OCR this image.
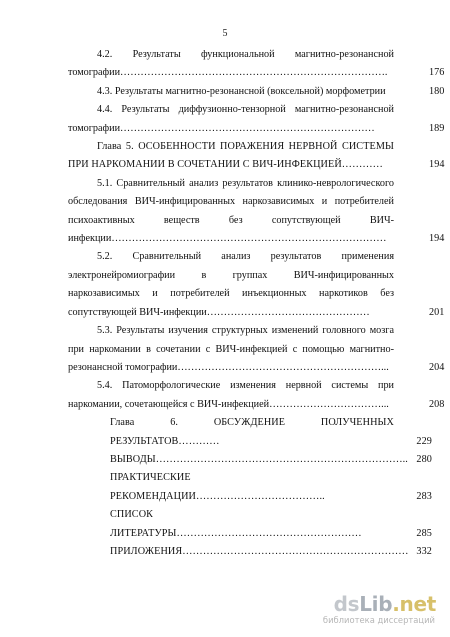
5
4.2. Результаты функциональной магнитно-резонансной томографии…………………………………………………………………….	176
4.3. Результаты магнитно-резонансной (воксельной) морфометрии	180
4.4. Результаты диффузионно-тензорной магнитно-резонансной томографии…………………………………………………………………	189
Глава 5. ОСОБЕННОСТИ ПОРАЖЕНИЯ НЕРВНОЙ СИСТЕМЫ ПРИ НАРКОМАНИИ В СОЧЕТАНИИ С ВИЧ-ИНФЕКЦИЕЙ…………	194
5.1. Сравнительный анализ результатов клинико-неврологического обследования ВИЧ-инфицированных наркозависимых и потребителей психоактивных веществ без сопутствующей ВИЧ-инфекции………………………………………………………………………	194
5.2. Сравнительный анализ результатов применения электронейромиографии в группах ВИЧ-инфицированных наркозависимых и потребителей инъекционных наркотиков без сопутствующей ВИЧ-инфекции…………………………………………	201
5.3. Результаты изучения структурных изменений головного мозга при наркомании в сочетании с ВИЧ-инфекцией с помощью магнитно-резонансной томографии……………………………………………………...	204
5.4. Патоморфологические изменения нервной системы при наркомании, сочетающейся с ВИЧ-инфекцией……………………………...	208
Глава 6. ОБСУЖДЕНИЕ ПОЛУЧЕННЫХ РЕЗУЛЬТАТОВ…………	229
ВЫВОДЫ……………………………………………………………….. 280
ПРАКТИЧЕСКИЕ РЕКОМЕНДАЦИИ………………………………..	283
СПИСОК ЛИТЕРАТУРЫ………………………………………………	285
ПРИЛОЖЕНИЯ………………………………………………………… 332
dsLib.net
библиотека диссертаций
